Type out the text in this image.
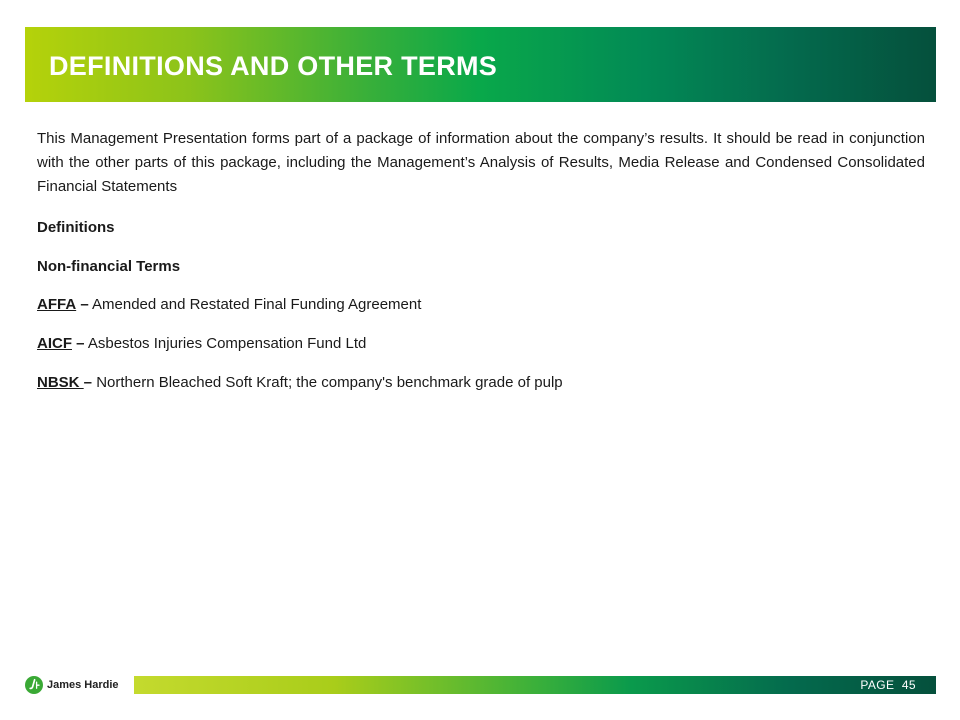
DEFINITIONS AND OTHER TERMS

This Management Presentation forms part of a package of information about the company’s results. It should be read in conjunction with the other parts of this package, including the Management’s Analysis of Results, Media Release and Condensed Consolidated Financial Statements

Definitions
Non-financial Terms
AFFA – Amended and Restated Final Funding Agreement
AICF – Asbestos Injuries Compensation Fund Ltd
NBSK – Northern Bleached Soft Kraft; the company's benchmark grade of pulp
James Hardie	PAGE  45
